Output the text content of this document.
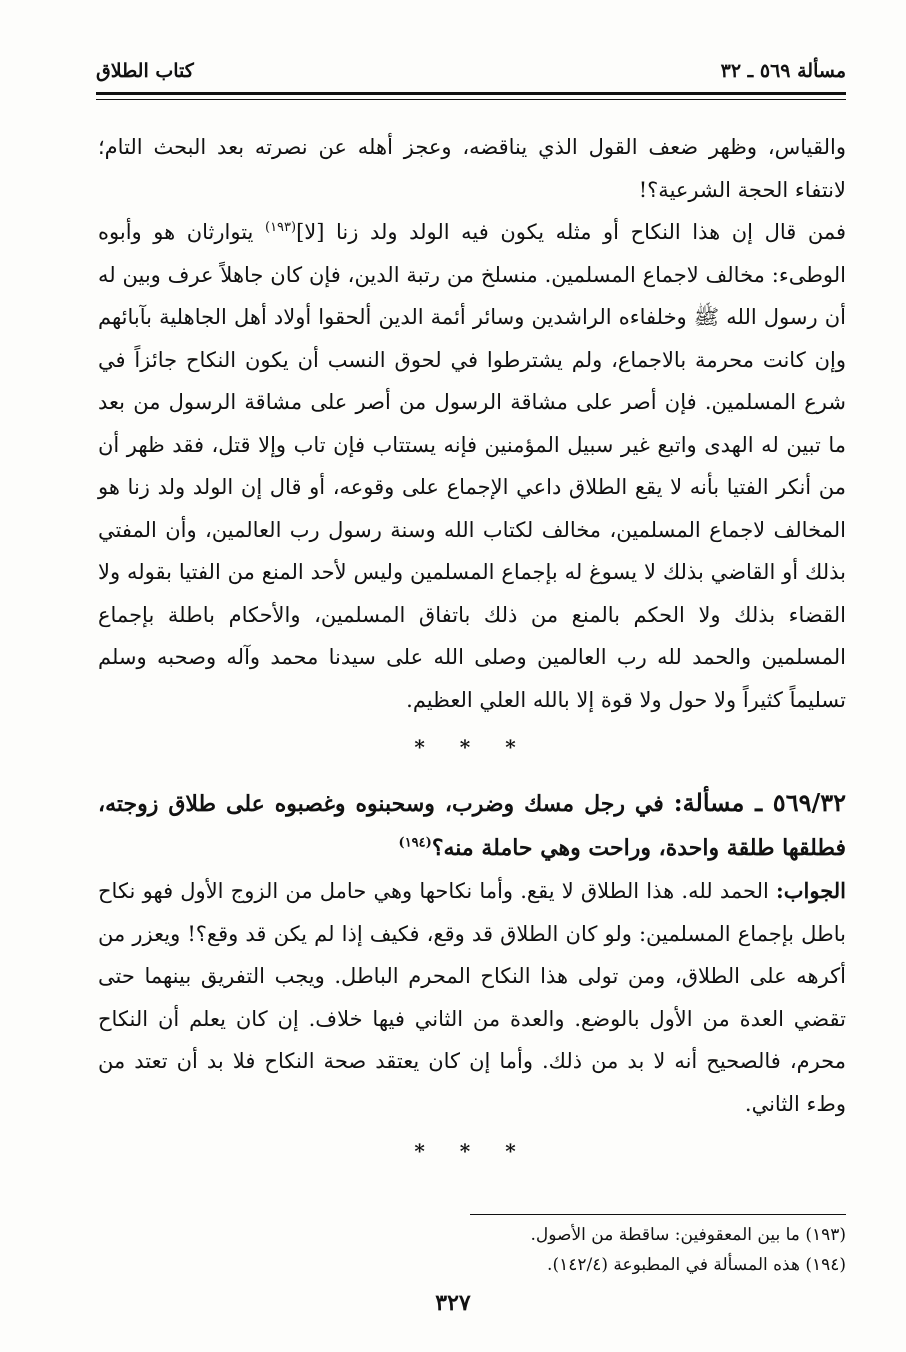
كتاب الطلاق	مسألة ٥٦٩ ـ ٣٢

والقياس، وظهر ضعف القول الذي يناقضه، وعجز أهله عن نصرته بعد البحث التام؛ لانتفاء الحجة الشرعية؟!

فمن قال إن هذا النكاح أو مثله يكون فيه الولد ولد زنا [لا]$^{(١٩٣)}$ يتوارثان هو وأبوه الوطىء: مخالف لاجماع المسلمين. منسلخ من رتبة الدين، فإن كان جاهلاً عرف وبين له أن رسول الله ﷺ وخلفاءه الراشدين وسائر أئمة الدين ألحقوا أولاد أهل الجاهلية بآبائهم وإن كانت محرمة بالاجماع، ولم يشترطوا في لحوق النسب أن يكون النكاح جائزاً في شرع المسلمين. فإن أصر على مشاقة الرسول من أصر على مشاقة الرسول من بعد ما تبين له الهدى واتبع غير سبيل المؤمنين فإنه يستتاب فإن تاب وإلا قتل، فقد ظهر أن من أنكر الفتيا بأنه لا يقع الطلاق داعي الإجماع على وقوعه، أو قال إن الولد ولد زنا هو المخالف لاجماع المسلمين، مخالف لكتاب الله وسنة رسول رب العالمين، وأن المفتي بذلك أو القاضي بذلك لا يسوغ له بإجماع المسلمين وليس لأحد المنع من الفتيا بقوله ولا القضاء بذلك ولا الحكم بالمنع من ذلك باتفاق المسلمين، والأحكام باطلة بإجماع المسلمين والحمد لله رب العالمين وصلى الله على سيدنا محمد وآله وصحبه وسلم تسليماً كثيراً ولا حول ولا قوة إلا بالله العلي العظيم.

* * *
٥٦٩/٣٢ ـ مسألة: في رجل مسك وضرب، وسحبنوه وغصبوه على طلاق زوجته، فطلقها طلقة واحدة، وراحت وهي حاملة منه؟$^{(١٩٤)}$

الجواب: الحمد لله. هذا الطلاق لا يقع. وأما نكاحها وهي حامل من الزوج الأول فهو نكاح باطل بإجماع المسلمين: ولو كان الطلاق قد وقع، فكيف إذا لم يكن قد وقع؟! ويعزر من أكرهه على الطلاق، ومن تولى هذا النكاح المحرم الباطل. ويجب التفريق بينهما حتى تقضي العدة من الأول بالوضع. والعدة من الثاني فيها خلاف. إن كان يعلم أن النكاح محرم، فالصحيح أنه لا بد من ذلك. وأما إن كان يعتقد صحة النكاح فلا بد أن تعتد من وطء الثاني.

* * *
(١٩٣) ما بين المعقوفين: ساقطة من الأصول.
(١٩٤) هذه المسألة في المطبوعة (١٤٢/٤).
٣٢٧
